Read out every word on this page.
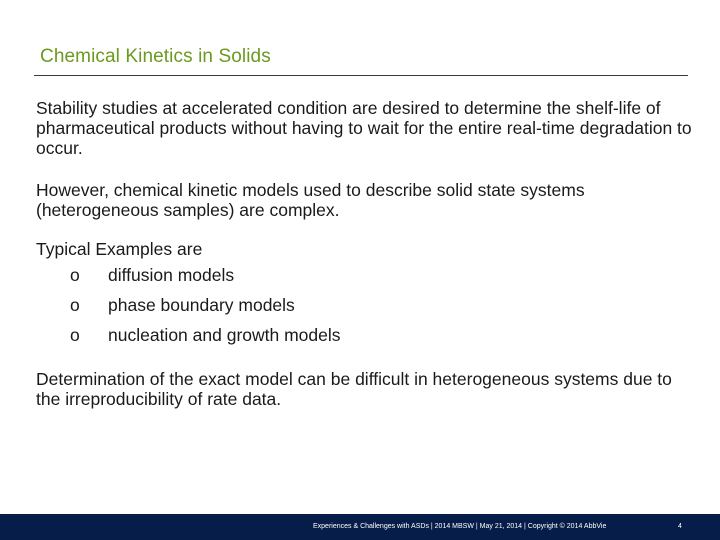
Chemical Kinetics in Solids

Stability studies at accelerated condition are desired to determine the shelf-life of pharmaceutical products without having to wait for the entire real-time degradation to occur.

However, chemical kinetic models used to describe solid state systems (heterogeneous samples) are complex.

Typical Examples are

o	diffusion models
o	phase boundary models
o	nucleation and growth models

Determination of the exact model can be difficult in heterogeneous systems due to the irreproducibility of rate data.

Experiences & Challenges with ASDs | 2014 MBSW | May 21, 2014 | Copyright © 2014 AbbVie	4
